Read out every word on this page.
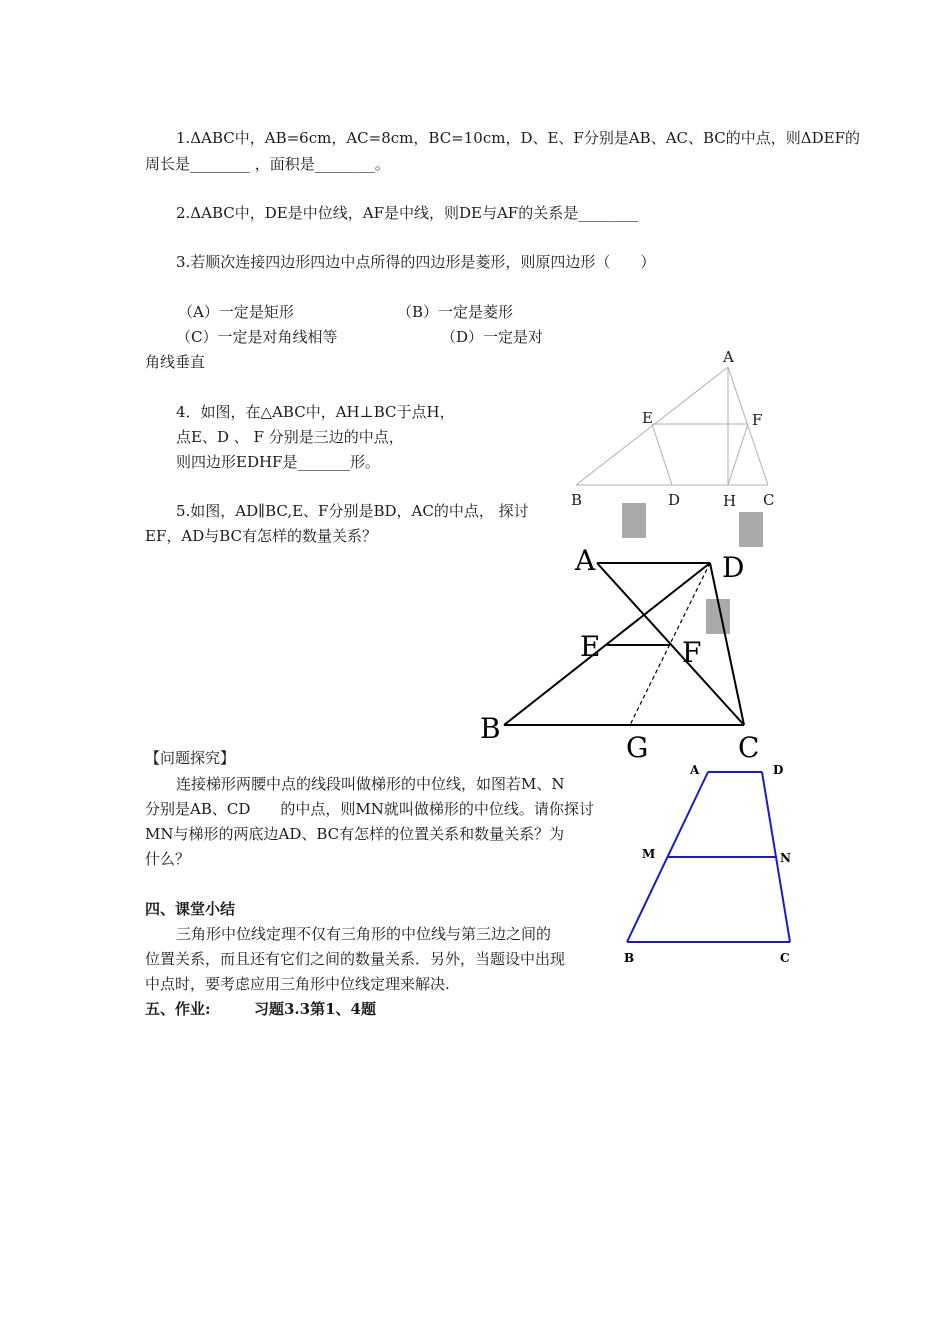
1.ΔABC中，AB=6cm，AC=8cm，BC=10cm，D、E、F分别是AB、AC、BC的中点，则ΔDEF的
周长是________ ，面积是________。
2.ΔABC中，DE是中位线，AF是中线，则DE与AF的关系是________
3.若顺次连接四边形四边中点所得的四边形是菱形，则原四边形（　　）
（A）一定是矩形	（B）一定是菱形
（C）一定是对角线相等	（D）一定是对
角线垂直
4．如图，在△ABC中，AH⊥BC于点H，
点E、D 、 F 分别是三边的中点，
则四边形EDHF是_______形。
5.如图，AD∥BC,E、F分别是BD，AC的中点， 探讨
EF，AD与BC有怎样的数量关系？
【问题探究】
连接梯形两腰中点的线段叫做梯形的中位线，如图若M、N
分别是AB、CD　　的中点，则MN就叫做梯形的中位线。请你探讨
MN与梯形的两底边AD、BC有怎样的位置关系和数量关系？为
什么？
四、课堂小结
三角形中位线定理不仅有三角形的中位线与第三边之间的
位置关系，而且还有它们之间的数量关系．另外，当题设中出现
中点时，要考虑应用三角形中位线定理来解决.
五、作业:	习题3.3第1、4题
A
E	F
B	D	H C
A	D
E	F
B
G	C
A	D
M	N
B	C
